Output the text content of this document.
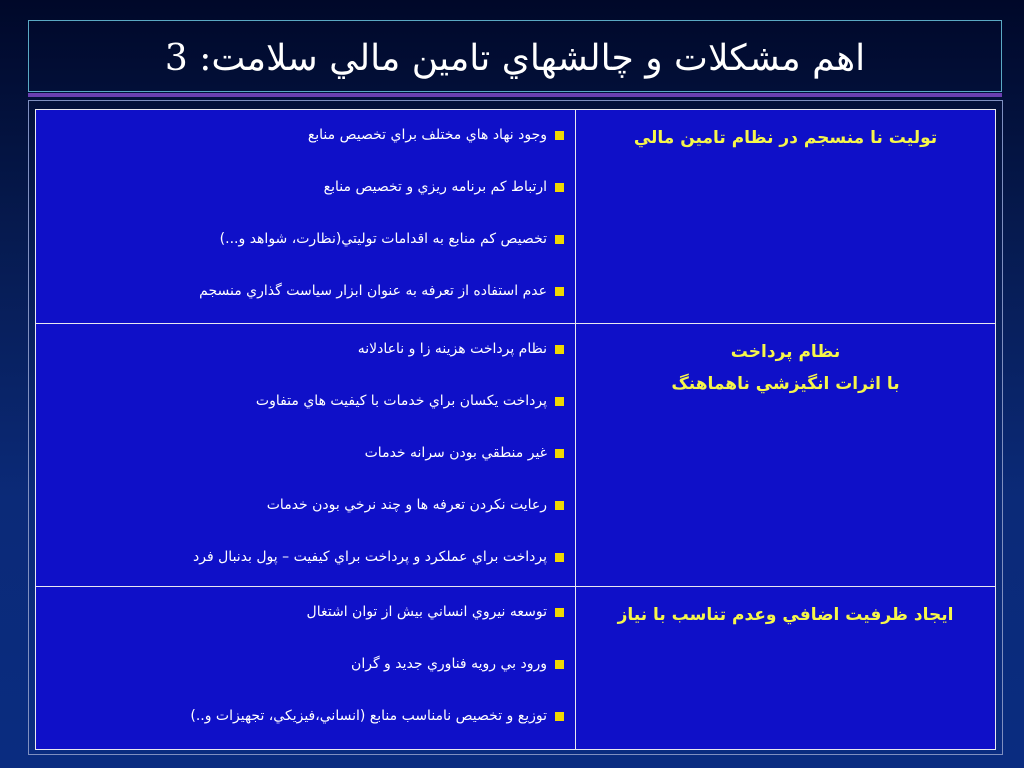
اهم مشكلات و چالشهاي تامين مالي سلامت: 3
توليت نا منسجم در نظام تامين مالي
وجود نهاد هاي مختلف براي تخصيص منابع
ارتباط كم برنامه ريزي و تخصيص منابع
تخصيص كم منابع به اقدامات توليتي(نظارت، شواهد و...)
عدم استفاده از تعرفه به عنوان ابزار سياست گذاري منسجم
نظام پرداخت
با اثرات انگيزشي ناهماهنگ
نظام پرداخت هزينه زا و ناعادلانه
پرداخت يكسان براي خدمات با كيفيت هاي متفاوت
غير منطقي بودن سرانه خدمات
رعايت نكردن تعرفه ها و چند نرخي بودن خدمات
پرداخت براي عملكرد و پرداخت براي كيفيت – پول بدنبال فرد
ايجاد ظرفيت اضافي وعدم تناسب با نياز
توسعه نيروي انساني بيش از توان اشتغال
ورود بي رويه فناوري جديد و گران
توزيع و تخصيص نامناسب منابع (انساني،فيزيكي، تجهيزات و..)
